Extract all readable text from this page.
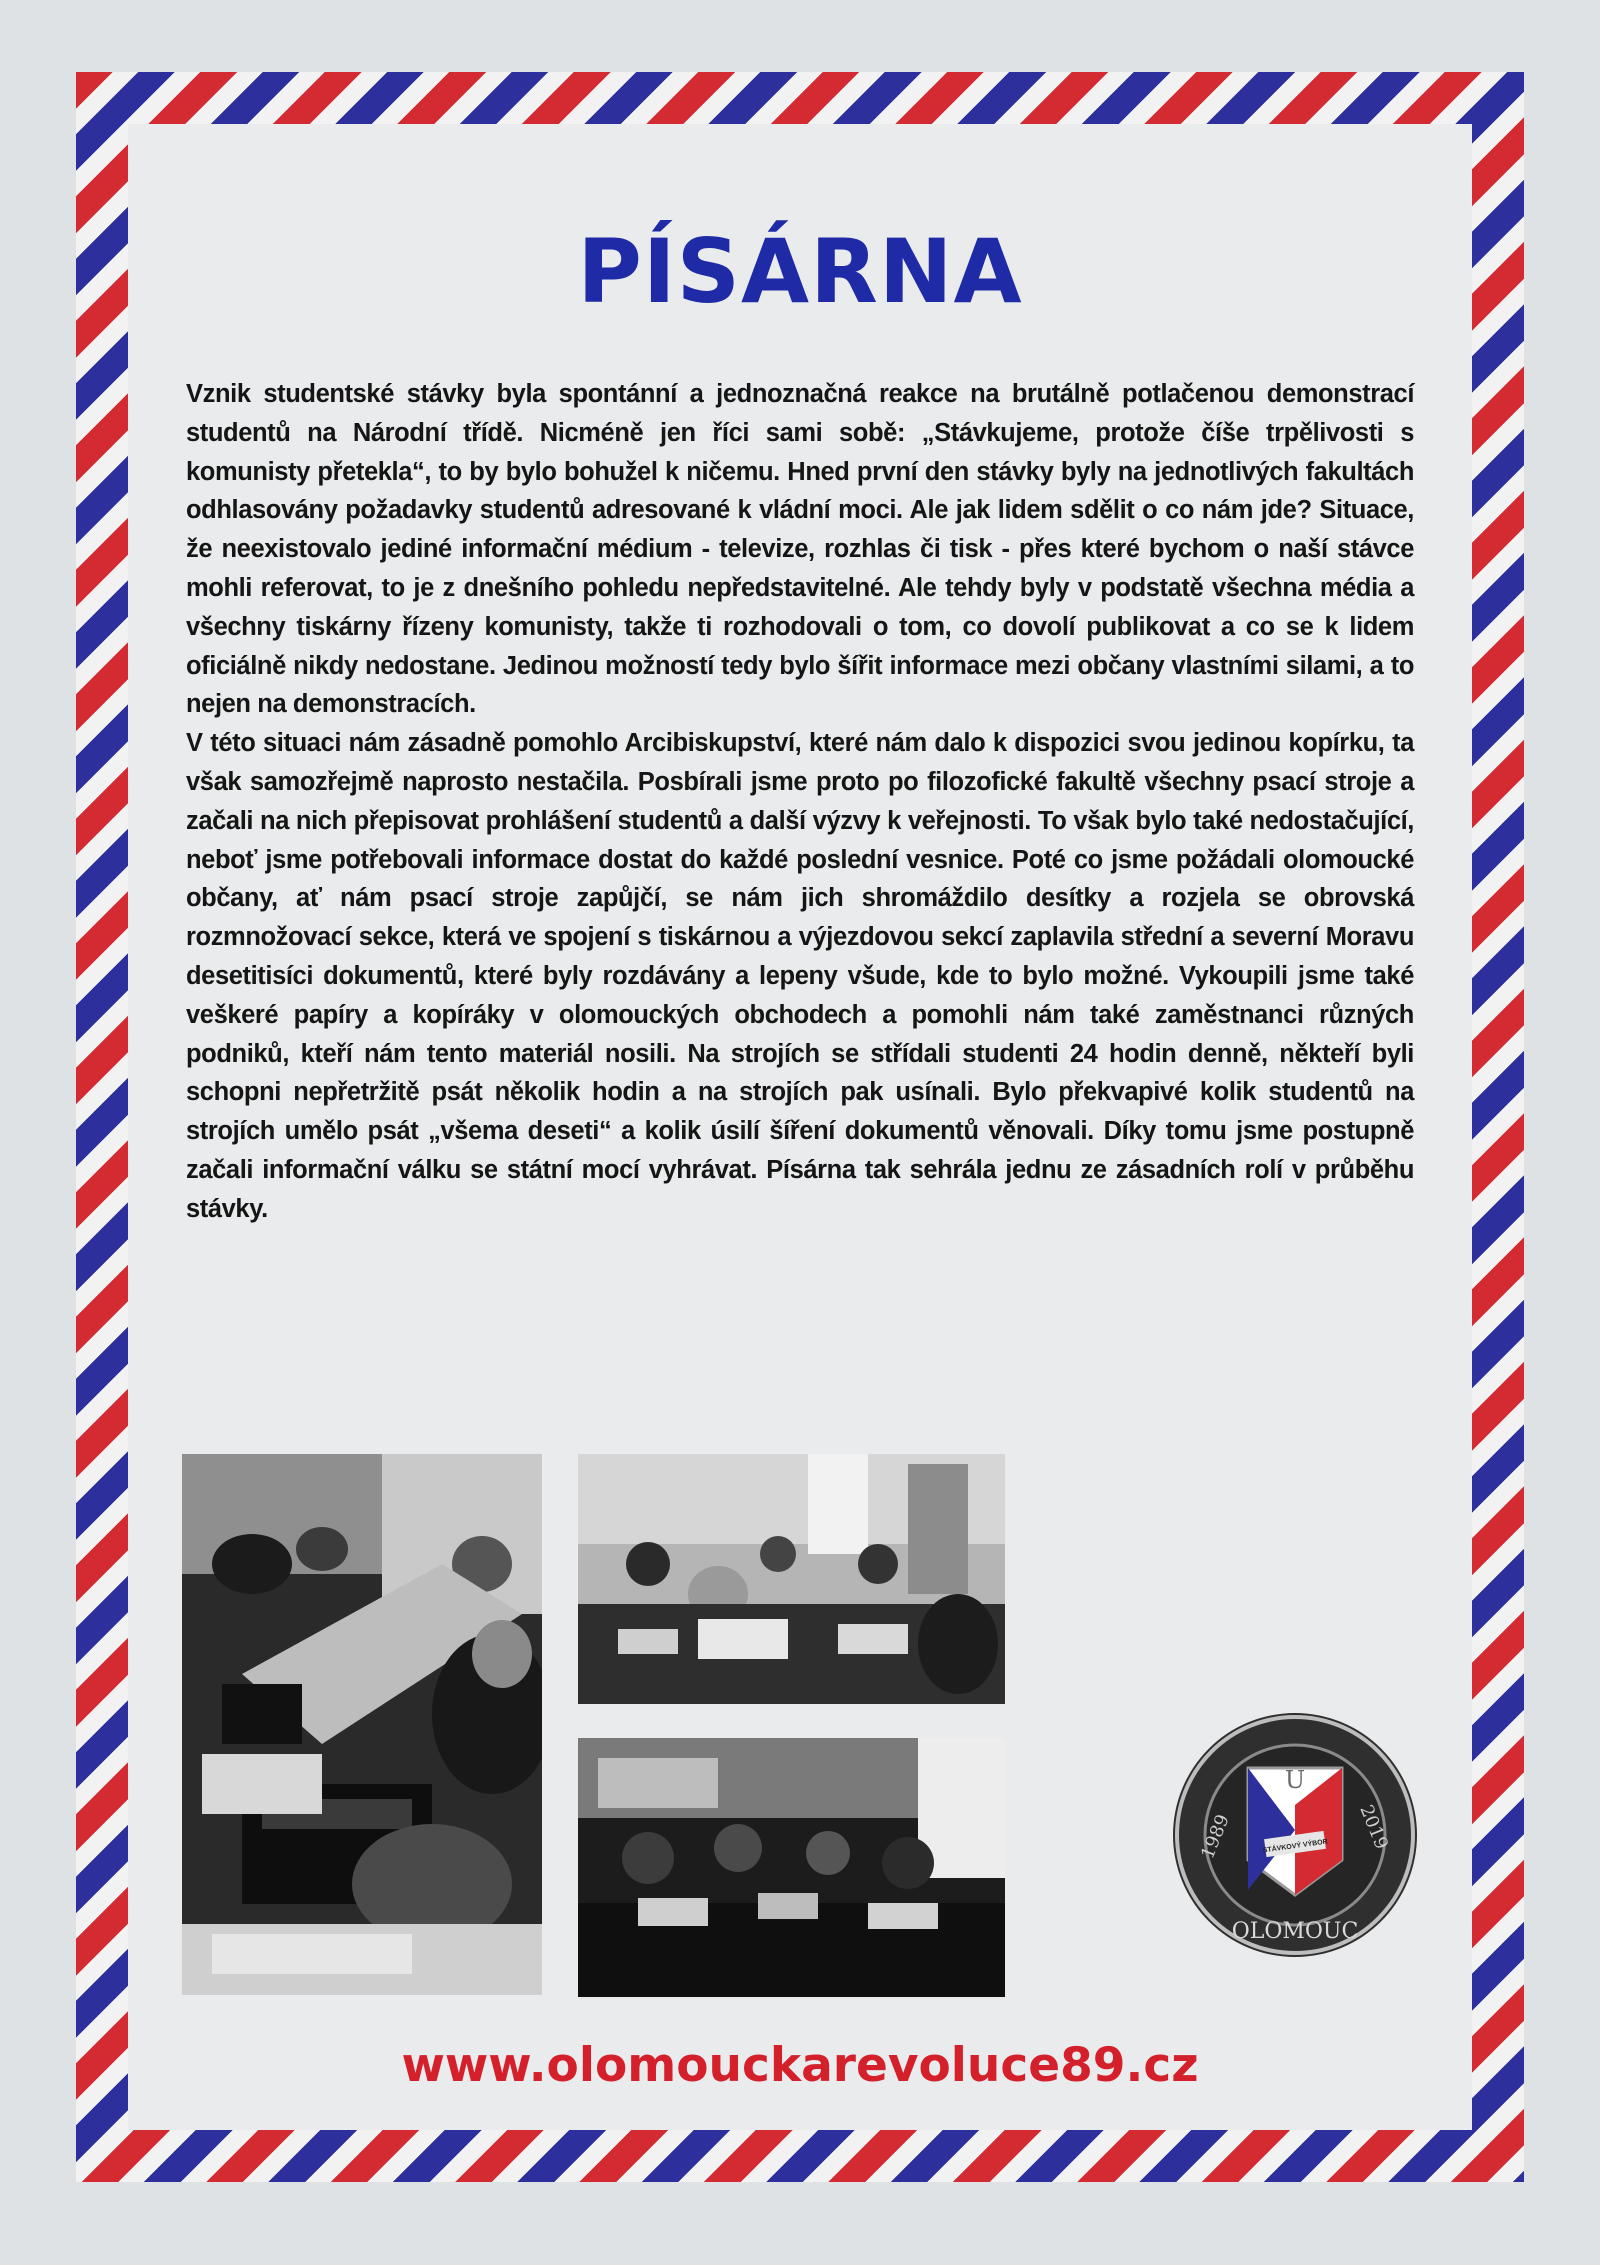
PÍSÁRNA

Vznik studentské stávky byla spontánní a jednoznačná reakce na brutálně potlačenou demonstrací studentů na Národní třídě. Nicméně jen říci sami sobě: „Stávkujeme, protože číše trpělivosti s komunisty přetekla“, to by bylo bohužel k ničemu. Hned první den stávky byly na jednotlivých fakultách odhlasovány požadavky studentů adresované k vládní moci. Ale jak lidem sdělit o co nám jde? Situace, že neexistovalo jediné informační médium - televize, rozhlas či tisk - přes které bychom o naší stávce mohli referovat, to je z dnešního pohledu nepředstavitelné. Ale tehdy byly v podstatě všechna média a všechny tiskárny řízeny komunisty, takže ti rozhodovali o tom, co dovolí publikovat a co se k lidem oficiálně nikdy nedostane. Jedinou možností tedy bylo šířit informace mezi občany vlastními silami, a to nejen na demonstracích.

V této situaci nám zásadně pomohlo Arcibiskupství, které nám dalo k dispozici svou jedinou kopírku, ta však samozřejmě naprosto nestačila. Posbírali jsme proto po filozofické fakultě všechny psací stroje a začali na nich přepisovat prohlášení studentů a další výzvy k veřejnosti. To však bylo také nedostačující, neboť jsme potřebovali informace dostat do každé poslední vesnice. Poté co jsme požádali olomoucké občany, ať nám psací stroje zapůjčí, se nám jich shromáždilo desítky a rozjela se obrovská rozmnožovací sekce, která ve spojení s tiskárnou a výjezdovou sekcí zaplavila střední a severní Moravu desetitisíci dokumentů, které byly rozdávány a lepeny všude, kde to bylo možné. Vykoupili jsme také veškeré papíry a kopíráky v olomouckých obchodech a pomohli nám také zaměstnanci různých podniků, kteří nám tento materiál nosili. Na strojích se střídali studenti 24 hodin denně, někteří byli schopni nepřetržitě psát několik hodin a na strojích pak usínali. Bylo překvapivé kolik studentů na strojích umělo psát „všema deseti“ a kolik úsilí šíření dokumentů věnovali. Díky tomu jsme postupně začali informační válku se státní mocí vyhrávat. Písárna tak sehrála jednu ze zásadních rolí v průběhu stávky.

U
STÁVKOVÝ VÝBOR
1989	2019
OLOMOUC

www.olomouckarevoluce89.cz
